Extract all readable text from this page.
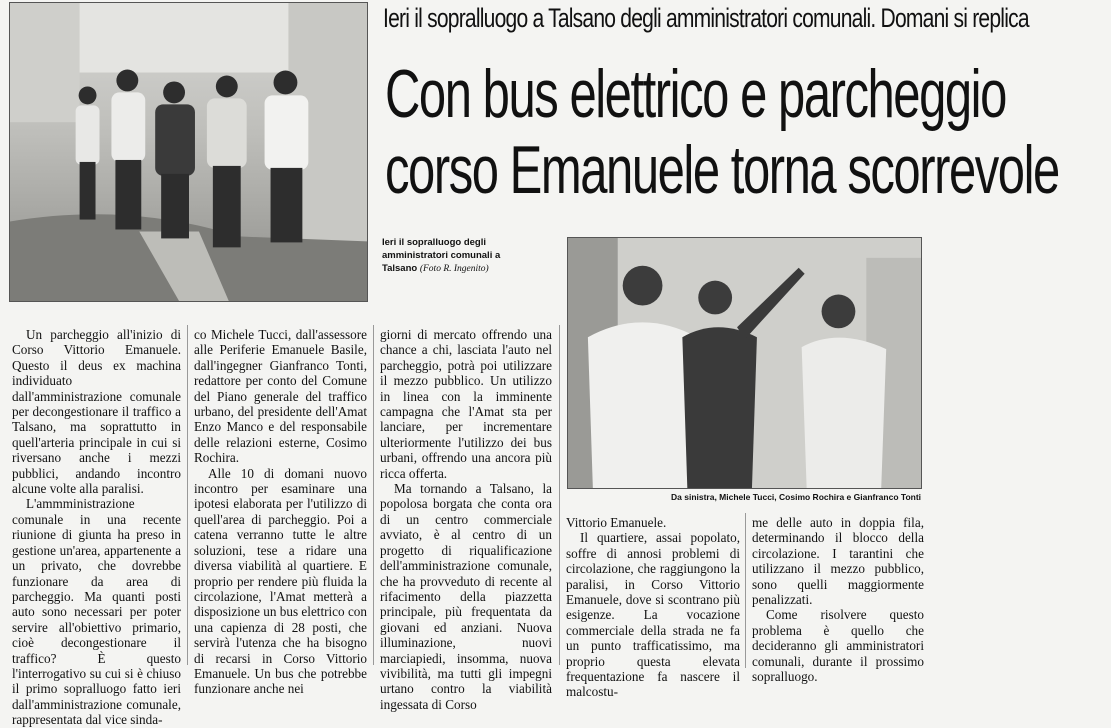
Ieri il sopralluogo a Talsano degli amministratori comunali. Domani si replica
Con bus elettrico e parcheggio
corso Emanuele torna scorrevole
Ieri il sopralluogo degli amministratori comunali a Talsano (Foto R. Ingenito)
Da sinistra, Michele Tucci, Cosimo Rochira e Gianfranco Tonti

Un parcheggio all'inizio di Corso Vittorio Emanuele. Questo il deus ex machina individuato dall'amministrazione comunale per decongestionare il traffico a Talsano, ma soprattutto in quell'arteria principale in cui si riversano anche i mezzi pubblici, andando incontro alcune volte alla paralisi.

L'ammministrazione comunale in una recente riunione di giunta ha preso in gestione un'area, appartenente a un privato, che dovrebbe funzionare da area di parcheggio. Ma quanti posti auto sono necessari per poter servire all'obiettivo primario, cioè decongestionare il traffico? È questo l'interrogativo su cui si è chiuso il primo sopralluogo fatto ieri dall'amministrazione comunale, rappresentata dal vice sinda-

co Michele Tucci, dall'assessore alle Periferie Emanuele Basile, dall'ingegner Gianfranco Tonti, redattore per conto del Comune del Piano generale del traffico urbano, del presidente dell'Amat Enzo Manco e del responsabile delle relazioni esterne, Cosimo Rochira.

Alle 10 di domani nuovo incontro per esaminare una ipotesi elaborata per l'utilizzo di quell'area di parcheggio. Poi a catena verranno tutte le altre soluzioni, tese a ridare una diversa viabilità al quartiere. E proprio per rendere più fluida la circolazione, l'Amat metterà a disposizione un bus elettrico con una capienza di 28 posti, che servirà l'utenza che ha bisogno di recarsi in Corso Vittorio Emanuele. Un bus che potrebbe funzionare anche nei

giorni di mercato offrendo una chance a chi, lasciata l'auto nel parcheggio, potrà poi utilizzare il mezzo pubblico. Un utilizzo in linea con la imminente campagna che l'Amat sta per lanciare, per incrementare ulteriormente l'utilizzo dei bus urbani, offrendo una ancora più ricca offerta.

Ma tornando a Talsano, la popolosa borgata che conta ora di un centro commerciale avviato, è al centro di un progetto di riqualificazione dell'amministrazione comunale, che ha provveduto di recente al rifacimento della piazzetta principale, più frequentata da giovani ed anziani. Nuova illuminazione, nuovi marciapiedi, insomma, nuova vivibilità, ma tutti gli impegni urtano contro la viabilità ingessata di Corso

Vittorio Emanuele.

Il quartiere, assai popolato, soffre di annosi problemi di circolazione, che raggiungono la paralisi, in Corso Vittorio Emanuele, dove si scontrano più esigenze. La vocazione commerciale della strada ne fa un punto trafficatissimo, ma proprio questa elevata frequentazione fa nascere il malcostu-

me delle auto in doppia fila, determinando il blocco della circolazione. I tarantini che utilizzano il mezzo pubblico, sono quelli maggiormente penalizzati.

Come risolvere questo problema è quello che decideranno gli amministratori comunali, durante il prossimo sopralluogo.
